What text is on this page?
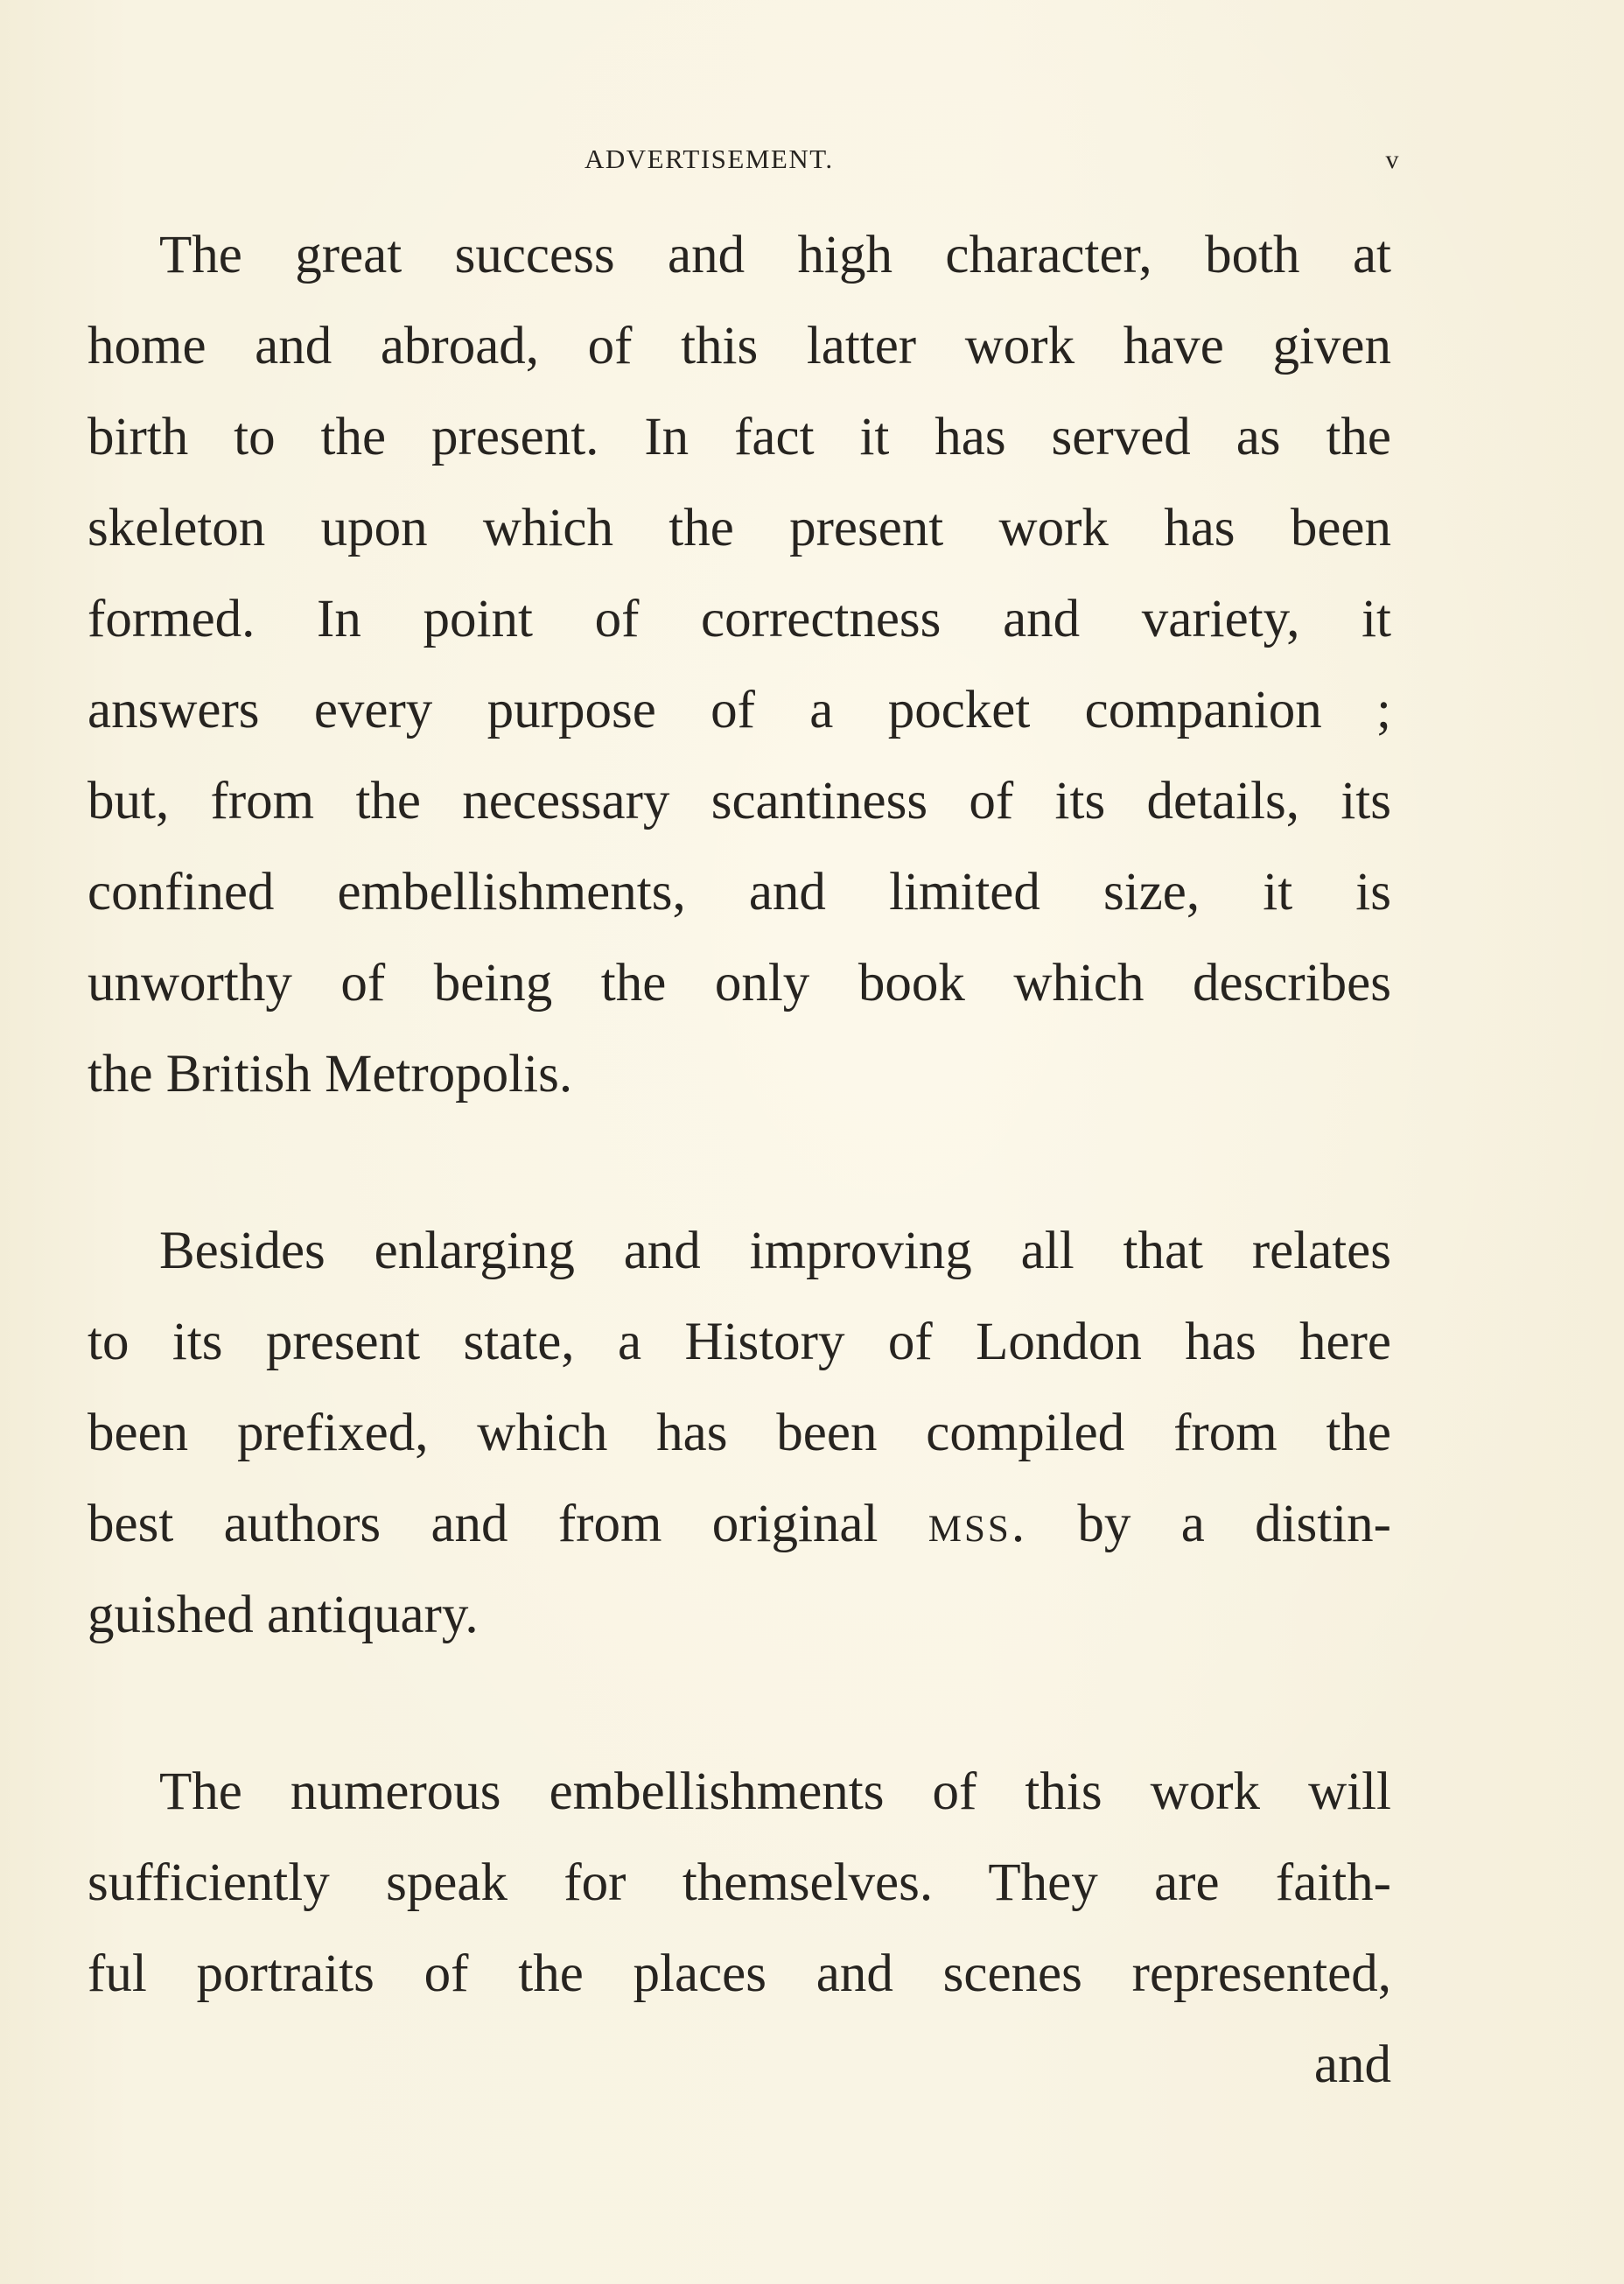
ADVERTISEMENT.	v
The great success and high character, both at
home and abroad, of this latter work have given
birth to the present. In fact it has served as the
skeleton upon which the present work has been
formed. In point of correctness and variety, it
answers every purpose of a pocket companion ;
but, from the necessary scantiness of its details, its
confined embellishments, and limited size, it is
unworthy of being the only book which describes
the British Metropolis.
Besides enlarging and improving all that relates
to its present state, a History of London has here
been prefixed, which has been compiled from the
best authors and from original mss. by a distin-
guished antiquary.
The numerous embellishments of this work will
sufficiently speak for themselves. They are faith-
ful portraits of the places and scenes represented,
and
